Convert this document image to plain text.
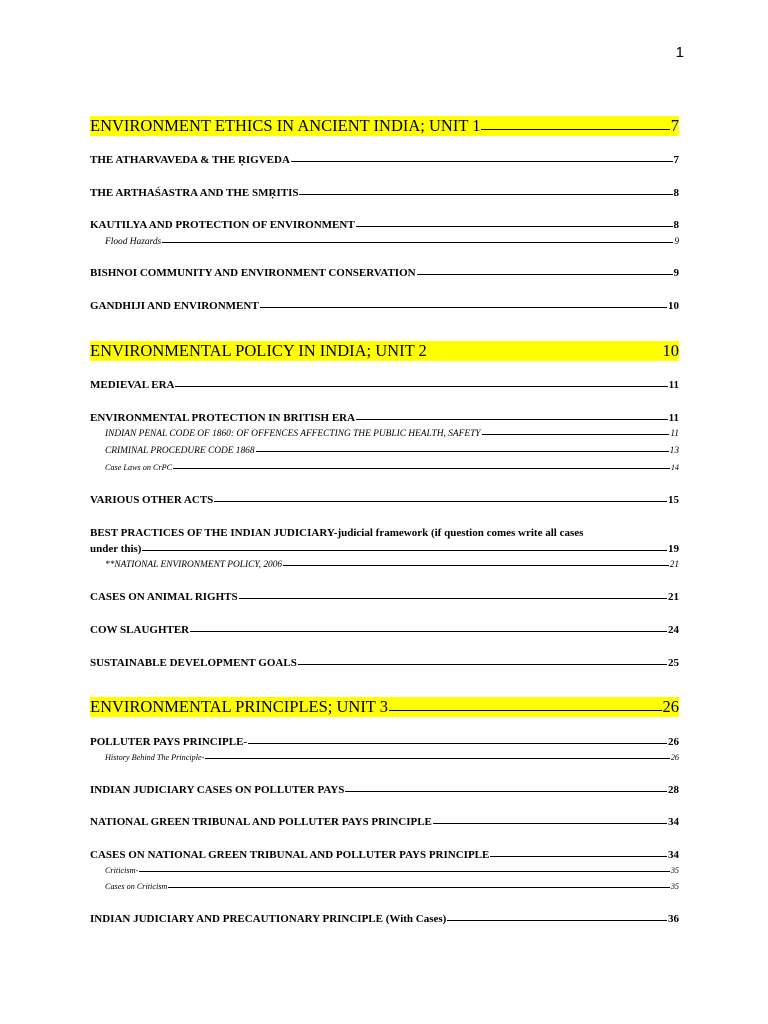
1
ENVIRONMENT ETHICS IN ANCIENT INDIA; UNIT 1	7
THE ATHARVAVEDA & THE ṚIGVEDA	7
THE ARTHAŚASTRA AND THE SMṚITIS	8
KAUTILYA AND PROTECTION OF ENVIRONMENT	8
Flood Hazards	9
BISHNOI COMMUNITY AND ENVIRONMENT CONSERVATION	9
GANDHIJI AND ENVIRONMENT	10
ENVIRONMENTAL POLICY IN INDIA; UNIT 2	10
MEDIEVAL ERA	11
ENVIRONMENTAL PROTECTION IN BRITISH ERA	11
INDIAN PENAL CODE OF 1860: OF OFFENCES AFFECTING THE PUBLIC HEALTH, SAFETY	11
CRIMINAL PROCEDURE CODE 1868	13
Case Laws on CrPC	14
VARIOUS OTHER ACTS	15
BEST PRACTICES OF THE INDIAN JUDICIARY-judicial framework (if question comes write all cases
under this)	19
**NATIONAL ENVIRONMENT POLICY, 2006	21
CASES ON ANIMAL RIGHTS	21
COW SLAUGHTER	24
SUSTAINABLE DEVELOPMENT GOALS	25
ENVIRONMENTAL PRINCIPLES; UNIT 3	26
POLLUTER PAYS PRINCIPLE-	26
History Behind The Principle-	26
INDIAN JUDICIARY CASES ON POLLUTER PAYS	28
NATIONAL GREEN TRIBUNAL AND POLLUTER PAYS PRINCIPLE	34
CASES ON NATIONAL GREEN TRIBUNAL AND POLLUTER PAYS PRINCIPLE	34
Criticism-	35
Cases on Criticism	35
INDIAN JUDICIARY AND PRECAUTIONARY PRINCIPLE (With Cases)	36
